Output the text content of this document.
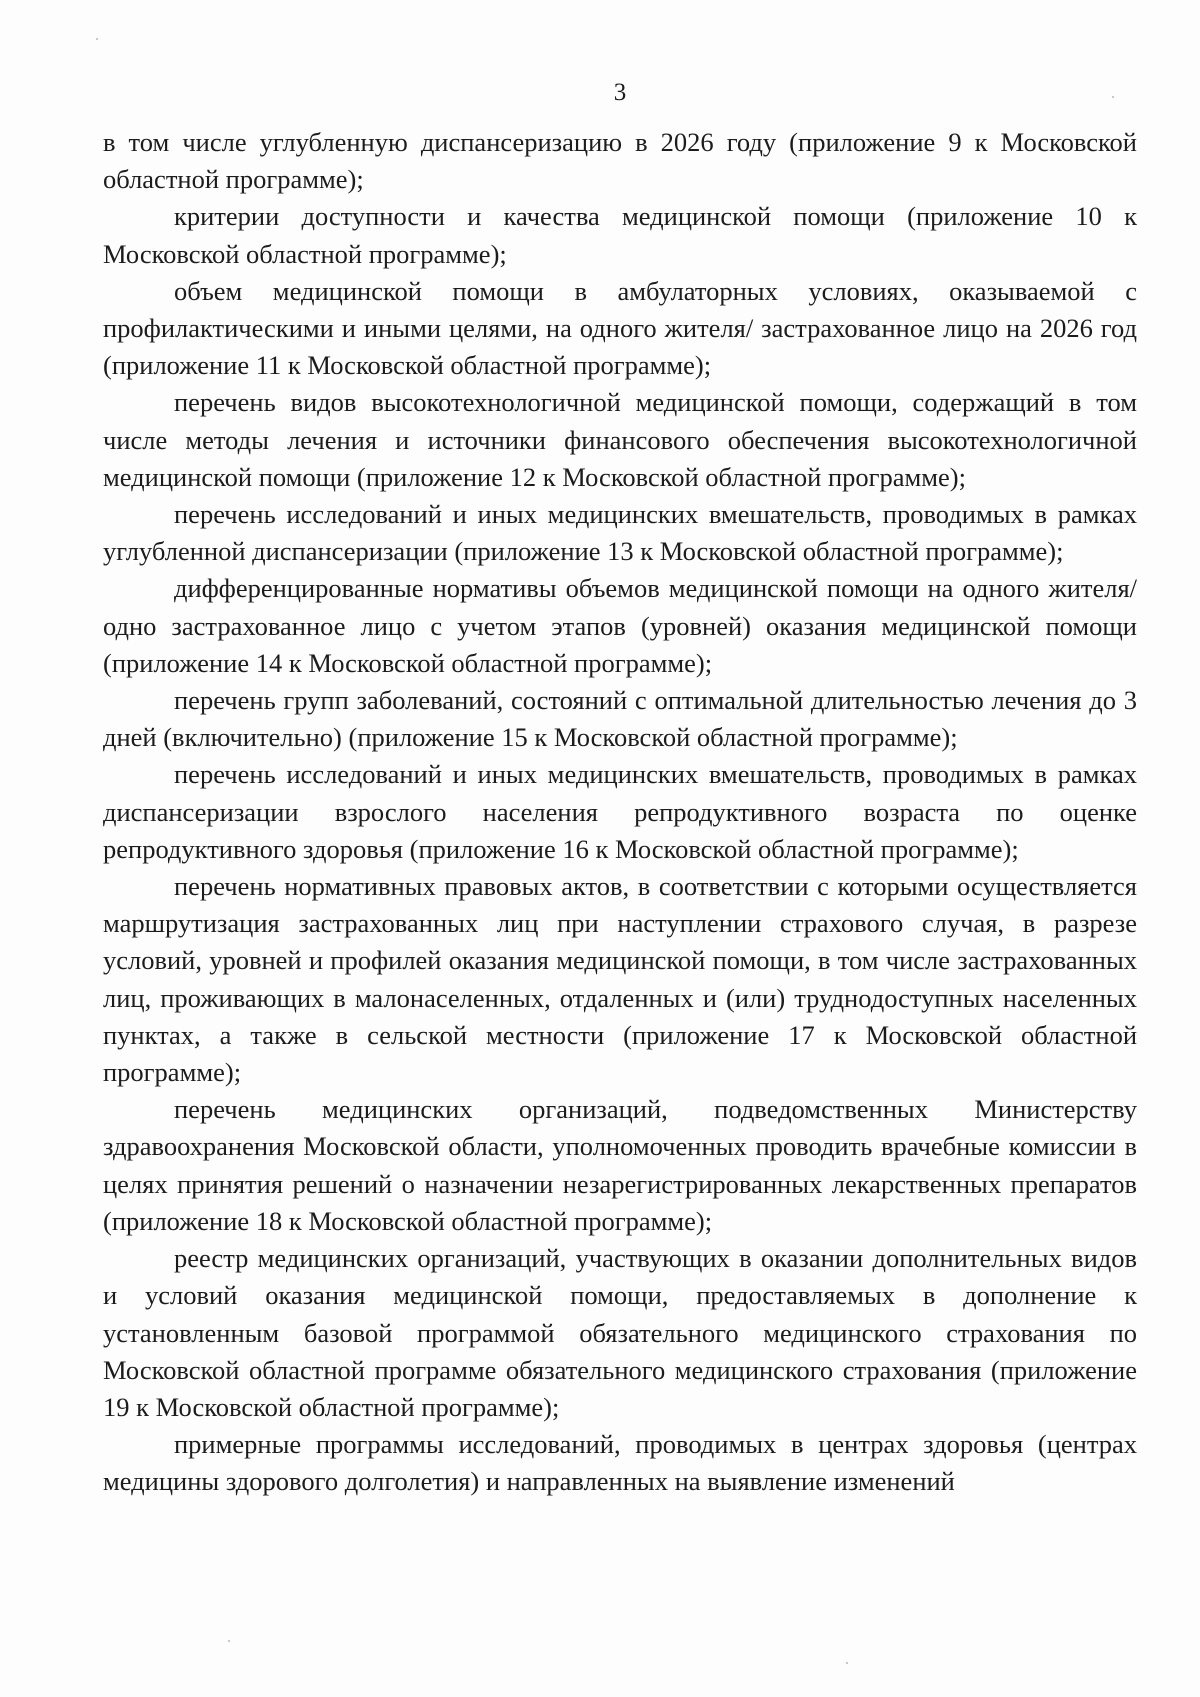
3

в том числе углубленную диспансеризацию в 2026 году (приложение 9 к Московской областной программе);

критерии доступности и качества медицинской помощи (приложение 10 к Московской областной программе);

объем медицинской помощи в амбулаторных условиях, оказываемой с профилактическими и иными целями, на одного жителя/ застрахованное лицо на 2026 год (приложение 11 к Московской областной программе);

перечень видов высокотехнологичной медицинской помощи, содержащий в том числе методы лечения и источники финансового обеспечения высокотехнологичной медицинской помощи (приложение 12 к Московской областной программе);

перечень исследований и иных медицинских вмешательств, проводимых в рамках углубленной диспансеризации (приложение 13 к Московской областной программе);

дифференцированные нормативы объемов медицинской помощи на одного жителя/одно застрахованное лицо с учетом этапов (уровней) оказания медицинской помощи (приложение 14 к Московской областной программе);

перечень групп заболеваний, состояний с оптимальной длительностью лечения до 3 дней (включительно) (приложение 15 к Московской областной программе);

перечень исследований и иных медицинских вмешательств, проводимых в рамках диспансеризации взрослого населения репродуктивного возраста по оценке репродуктивного здоровья (приложение 16 к Московской областной программе);

перечень нормативных правовых актов, в соответствии с которыми осуществляется маршрутизация застрахованных лиц при наступлении страхового случая, в разрезе условий, уровней и профилей оказания медицинской помощи, в том числе застрахованных лиц, проживающих в малонаселенных, отдаленных и (или) труднодоступных населенных пунктах, а также в сельской местности (приложение 17 к Московской областной программе);

перечень медицинских организаций, подведомственных Министерству здравоохранения Московской области, уполномоченных проводить врачебные комиссии в целях принятия решений о назначении незарегистрированных лекарственных препаратов (приложение 18 к Московской областной программе);

реестр медицинских организаций, участвующих в оказании дополнительных видов и условий оказания медицинской помощи, предоставляемых в дополнение к установленным базовой программой обязательного медицинского страхования по Московской областной программе обязательного медицинского страхования (приложение 19 к Московской областной программе);

примерные программы исследований, проводимых в центрах здоровья (центрах медицины здорового долголетия) и направленных на выявление изменений
